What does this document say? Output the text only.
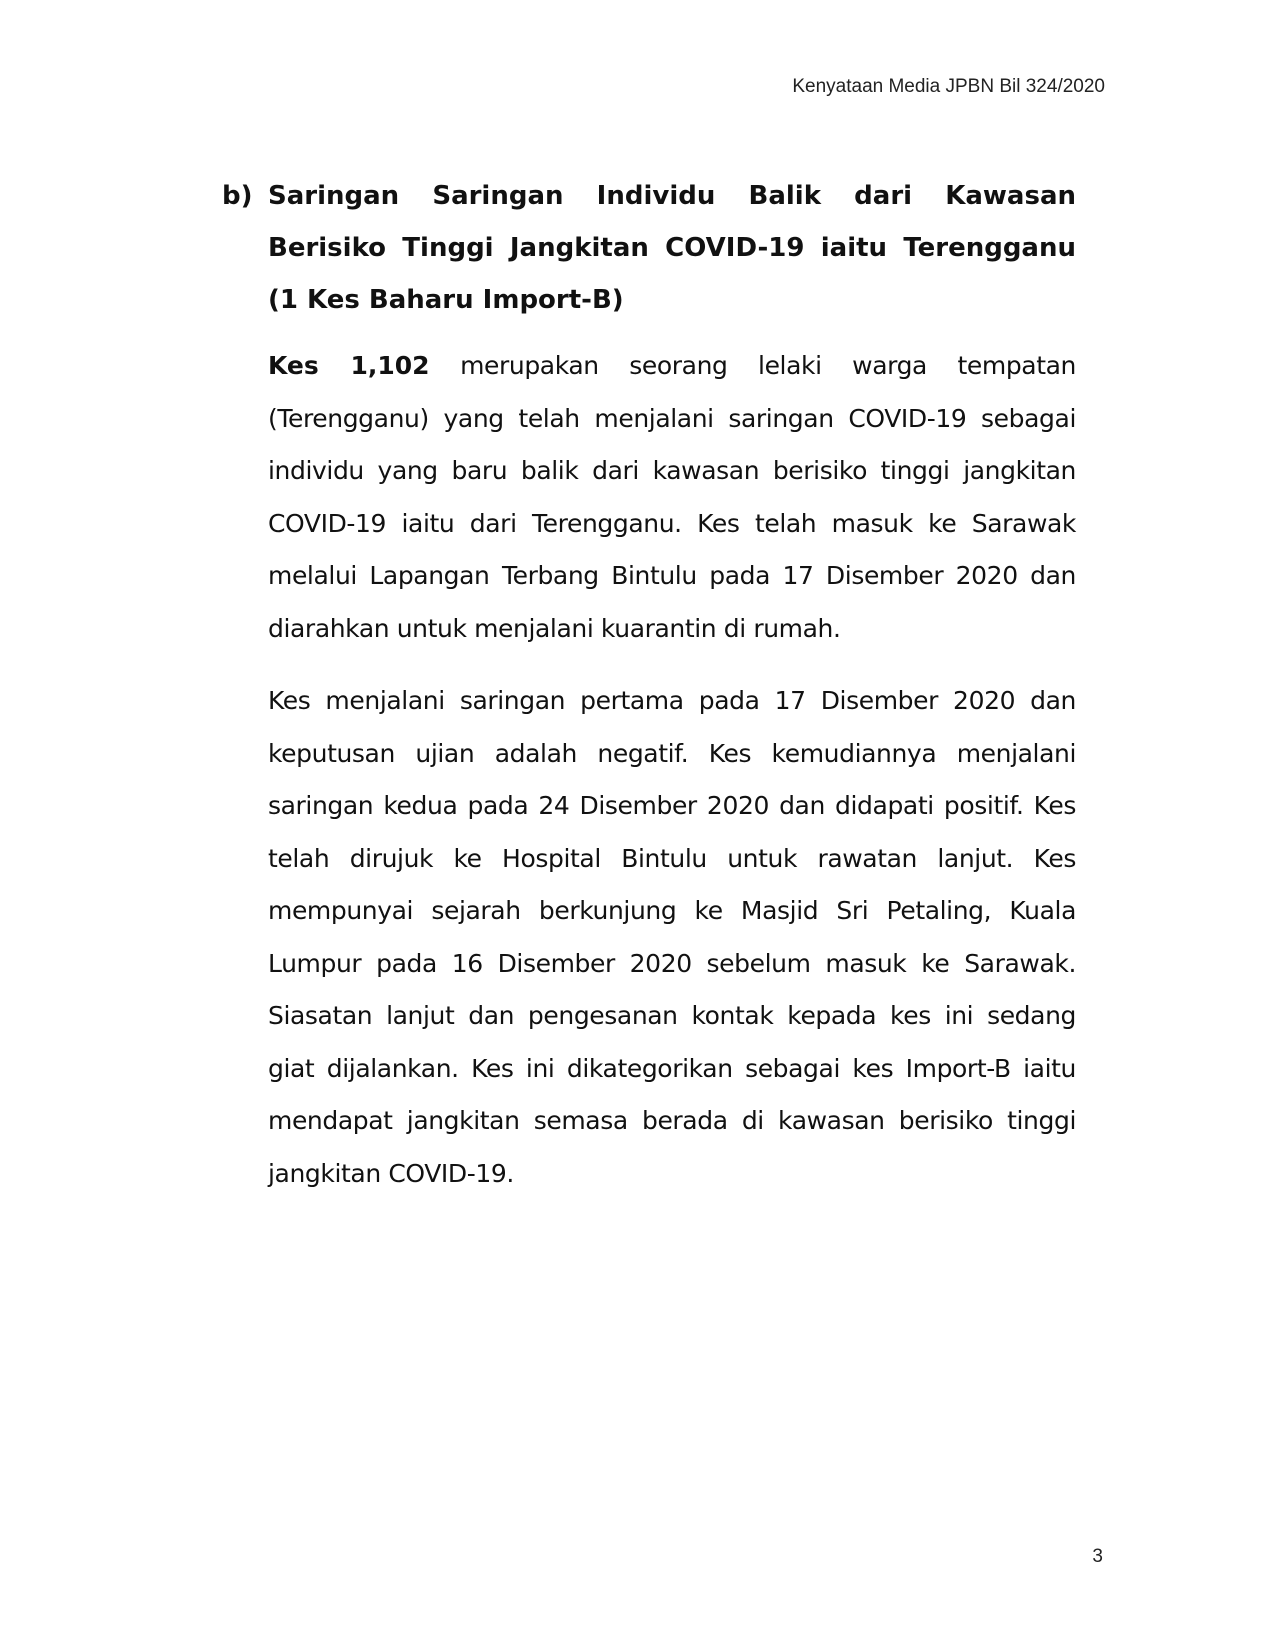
Kenyataan Media JPBN Bil 324/2020
b) Saringan Saringan Individu Balik dari Kawasan Berisiko Tinggi Jangkitan COVID-19 iaitu Terengganu (1 Kes Baharu Import-B)

Kes 1,102 merupakan seorang lelaki warga tempatan (Terengganu) yang telah menjalani saringan COVID-19 sebagai individu yang baru balik dari kawasan berisiko tinggi jangkitan COVID-19 iaitu dari Terengganu. Kes telah masuk ke Sarawak melalui Lapangan Terbang Bintulu pada 17 Disember 2020 dan diarahkan untuk menjalani kuarantin di rumah.

Kes menjalani saringan pertama pada 17 Disember 2020 dan keputusan ujian adalah negatif. Kes kemudiannya menjalani saringan kedua pada 24 Disember 2020 dan didapati positif. Kes telah dirujuk ke Hospital Bintulu untuk rawatan lanjut. Kes mempunyai sejarah berkunjung ke Masjid Sri Petaling, Kuala Lumpur pada 16 Disember 2020 sebelum masuk ke Sarawak. Siasatan lanjut dan pengesanan kontak kepada kes ini sedang giat dijalankan. Kes ini dikategorikan sebagai kes Import-B iaitu mendapat jangkitan semasa berada di kawasan berisiko tinggi jangkitan COVID-19.

3
